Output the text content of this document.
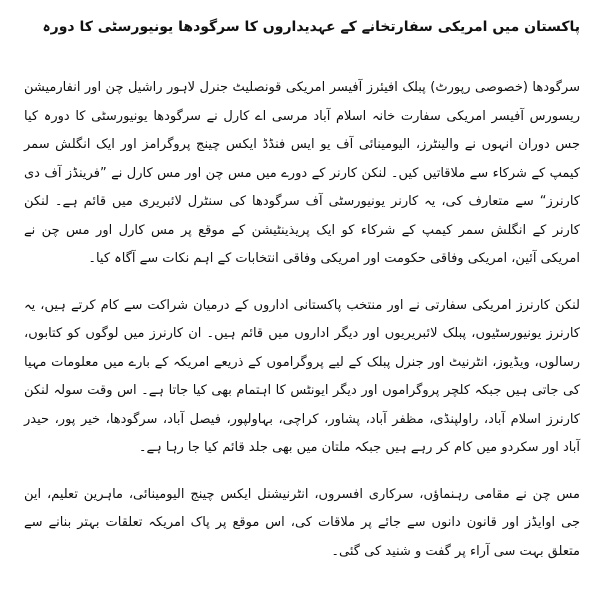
پاکستان میں امریکی سفارتخانے کے عہدیداروں کا سرگودھا یونیورسٹی کا دورہ

سرگودھا (خصوصی رپورٹ) پبلک افیئرز آفیسر امریکی قونصلیٹ جنرل لاہور راشیل چن اور انفارمیشن ریسورس آفیسر امریکی سفارت خانہ اسلام آباد مرسی اے کارل نے سرگودھا یونیورسٹی کا دورہ کیا جس دوران انہوں نے والینٹرز، الیومینائی آف یو ایس فنڈڈ ایکس چینج پروگرامز اور ایک انگلش سمر کیمپ کے شرکاء سے ملاقاتیں کیں۔ لنکن کارنر کے دورے میں مس چن اور مس کارل نے ”فرینڈز آف دی کارنرز“ سے متعارف کی، یہ کارنر یونیورسٹی آف سرگودھا کی سنٹرل لائبریری میں قائم ہے۔ لنکن کارنر کے انگلش سمر کیمپ کے شرکاء کو ایک پریذینٹیشن کے موقع پر مس کارل اور مس چن نے امریکی آئین، امریکی وفاقی حکومت اور امریکی وفاقی انتخابات کے اہم نکات سے آگاہ کیا۔

لنکن کارنرز امریکی سفارتی نے اور منتخب پاکستانی اداروں کے درمیان شراکت سے کام کرتے ہیں، یہ کارنرز یونیورسٹیوں، پبلک لائبریریوں اور دیگر اداروں میں قائم ہیں۔ ان کارنرز میں لوگوں کو کتابوں، رسالوں، ویڈیوز، انٹرنیٹ اور جنرل پبلک کے لیے پروگراموں کے ذریعے امریکہ کے بارے میں معلومات مہیا کی جاتی ہیں جبکہ کلچر پروگراموں اور دیگر ایونٹس کا اہتمام بھی کیا جاتا ہے۔ اس وقت سولہ لنکن کارنرز اسلام آباد، راولپنڈی، مظفر آباد، پشاور، کراچی، بہاولپور، فیصل آباد، سرگودھا، خیر پور، حیدر آباد اور سکردو میں کام کر رہے ہیں جبکہ ملتان میں بھی جلد قائم کیا جا رہا ہے۔

مس چن نے مقامی رہنماؤں، سرکاری افسروں، انٹرنیشنل ایکس چینج الیومینائی، ماہرین تعلیم، این جی اوایڈز اور قانون دانوں سے جائے پر ملاقات کی، اس موقع پر پاک امریکہ تعلقات بہتر بنانے سے متعلق بہت سی آراء پر گفت و شنید کی گئی۔
